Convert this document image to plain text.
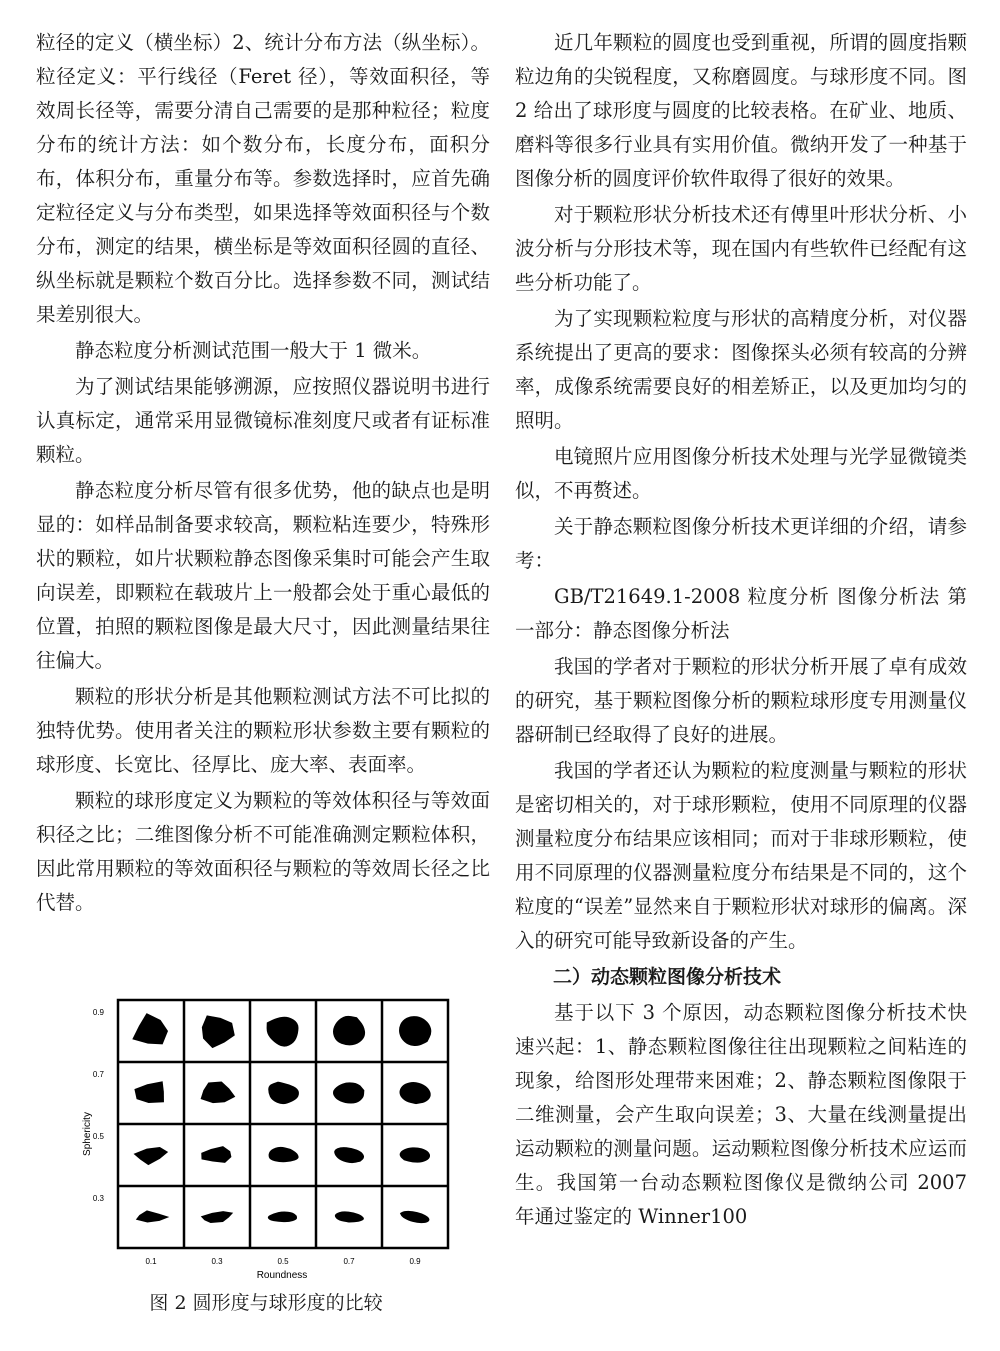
粒径的定义（横坐标）2、统计分布方法（纵坐标）。粒径定义：平行线径（Feret 径），等效面积径，等效周长径等，需要分清自己需要的是那种粒径；粒度分布的统计方法：如个数分布，长度分布，面积分布，体积分布，重量分布等。参数选择时，应首先确定粒径定义与分布类型，如果选择等效面积径与个数分布，测定的结果，横坐标是等效面积径圆的直径、纵坐标就是颗粒个数百分比。选择参数不同，测试结果差别很大。

静态粒度分析测试范围一般大于 1 微米。

为了测试结果能够溯源，应按照仪器说明书进行认真标定，通常采用显微镜标准刻度尺或者有证标准颗粒。

静态粒度分析尽管有很多优势，他的缺点也是明显的：如样品制备要求较高，颗粒粘连要少，特殊形状的颗粒，如片状颗粒静态图像采集时可能会产生取向误差，即颗粒在载玻片上一般都会处于重心最低的位置，拍照的颗粒图像是最大尺寸，因此测量结果往往偏大。

颗粒的形状分析是其他颗粒测试方法不可比拟的独特优势。使用者关注的颗粒形状参数主要有颗粒的球形度、长宽比、径厚比、庞大率、表面率。

颗粒的球形度定义为颗粒的等效体积径与等效面积径之比；二维图像分析不可能准确测定颗粒体积，因此常用颗粒的等效面积径与颗粒的等效周长径之比代替。

近几年颗粒的圆度也受到重视，所谓的圆度指颗粒边角的尖锐程度，又称磨圆度。与球形度不同。图 2 给出了球形度与圆度的比较表格。在矿业、地质、磨料等很多行业具有实用价值。微纳开发了一种基于图像分析的圆度评价软件取得了很好的效果。

对于颗粒形状分析技术还有傅里叶形状分析、小波分析与分形技术等，现在国内有些软件已经配有这些分析功能了。

为了实现颗粒粒度与形状的高精度分析，对仪器系统提出了更高的要求：图像探头必须有较高的分辨率，成像系统需要良好的相差矫正，以及更加均匀的照明。

电镜照片应用图像分析技术处理与光学显微镜类似，不再赘述。

关于静态颗粒图像分析技术更详细的介绍，请参考：

GB/T21649.1-2008 粒度分析 图像分析法 第一部分：静态图像分析法

我国的学者对于颗粒的形状分析开展了卓有成效的研究，基于颗粒图像分析的颗粒球形度专用测量仪器研制已经取得了良好的进展。

我国的学者还认为颗粒的粒度测量与颗粒的形状是密切相关的，对于球形颗粒，使用不同原理的仪器测量粒度分布结果应该相同；而对于非球形颗粒，使用不同原理的仪器测量粒度分布结果是不同的，这个粒度的“误差”显然来自于颗粒形状对球形的偏离。深入的研究可能导致新设备的产生。

二）动态颗粒图像分析技术

基于以下 3 个原因，动态颗粒图像分析技术快速兴起：1、静态颗粒图像往往出现颗粒之间粘连的现象，给图形处理带来困难；2、静态颗粒图像限于二维测量，会产生取向误差；3、大量在线测量提出运动颗粒的测量问题。运动颗粒图像分析技术应运而生。我国第一台动态颗粒图像仪是微纳公司 2007 年通过鉴定的 Winner100

0.9
0.7
0.5
0.3
0.1	0.3	0.5	0.7	0.9
Sphericity
Roundness
图 2 圆形度与球形度的比较
